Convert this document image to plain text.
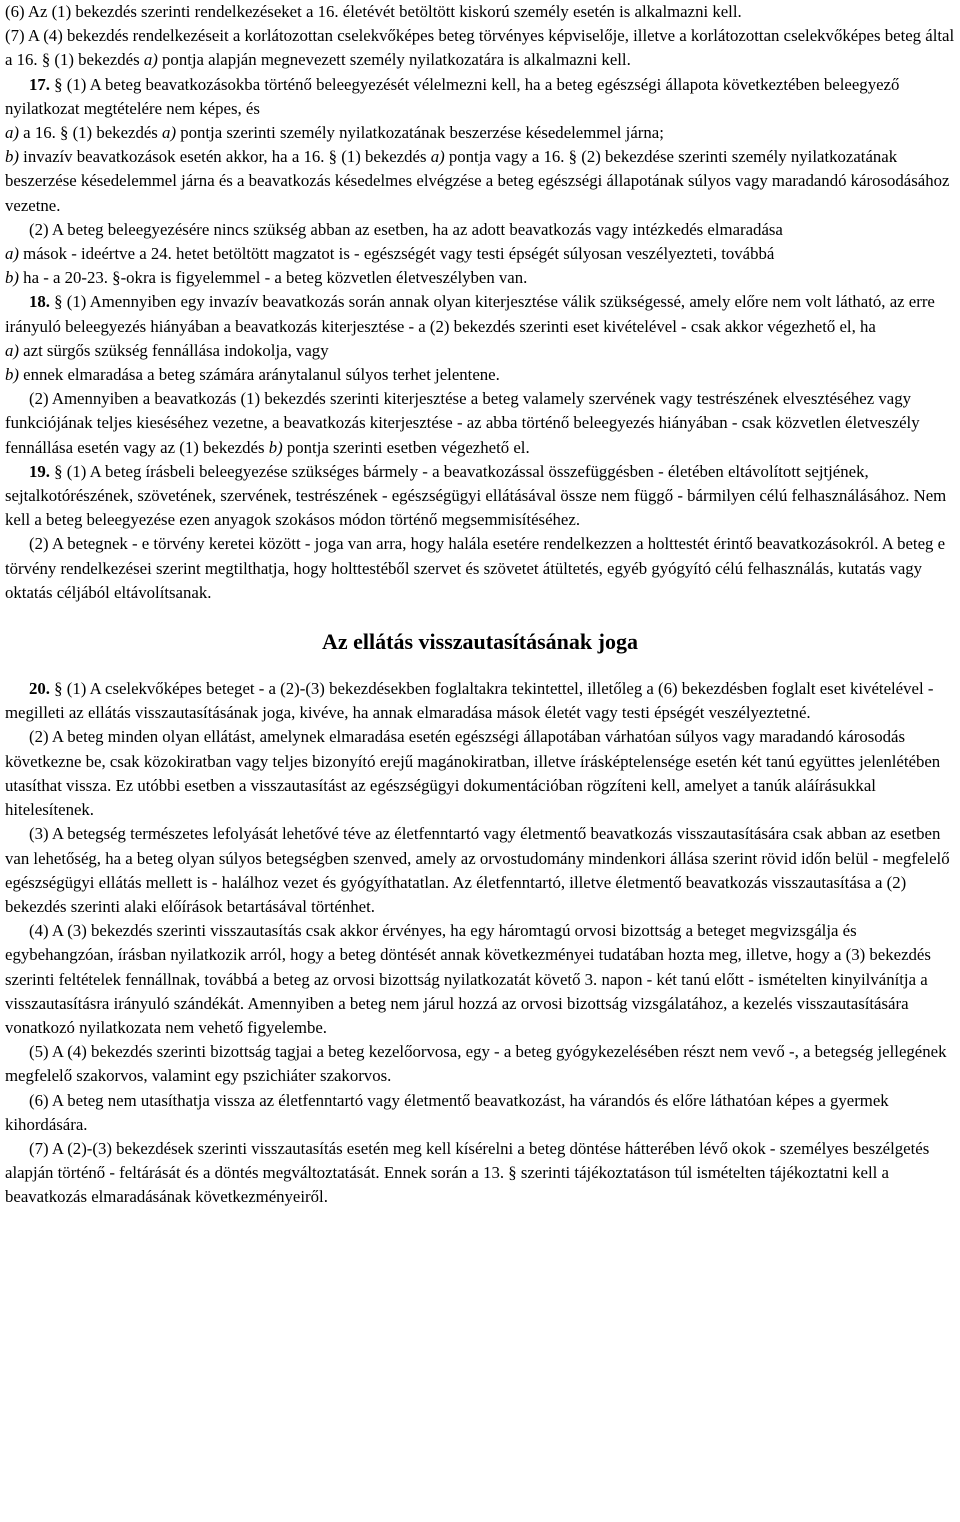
(6) Az (1) bekezdés szerinti rendelkezéseket a 16. életévét betöltött kiskorú személy esetén is alkalmazni kell.

(7) A (4) bekezdés rendelkezéseit a korlátozottan cselekvőképes beteg törvényes képviselője, illetve a korlátozottan cselekvőképes beteg által a 16. § (1) bekezdés a) pontja alapján megnevezett személy nyilatkozatára is alkalmazni kell.

17. § (1) A beteg beavatkozásokba történő beleegyezését vélelmezni kell, ha a beteg egészségi állapota következtében beleegyező nyilatkozat megtételére nem képes, és

a) a 16. § (1) bekezdés a) pontja szerinti személy nyilatkozatának beszerzése késedelemmel járna;

b) invazív beavatkozások esetén akkor, ha a 16. § (1) bekezdés a) pontja vagy a 16. § (2) bekezdése szerinti személy nyilatkozatának beszerzése késedelemmel járna és a beavatkozás késedelmes elvégzése a beteg egészségi állapotának súlyos vagy maradandó károsodásához vezetne.

(2) A beteg beleegyezésére nincs szükség abban az esetben, ha az adott beavatkozás vagy intézkedés elmaradása

a) mások - ideértve a 24. hetet betöltött magzatot is - egészségét vagy testi épségét súlyosan veszélyezteti, továbbá

b) ha - a 20-23. §-okra is figyelemmel - a beteg közvetlen életveszélyben van.

18. § (1) Amennyiben egy invazív beavatkozás során annak olyan kiterjesztése válik szükségessé, amely előre nem volt látható, az erre irányuló beleegyezés hiányában a beavatkozás kiterjesztése - a (2) bekezdés szerinti eset kivételével - csak akkor végezhető el, ha

a) azt sürgős szükség fennállása indokolja, vagy

b) ennek elmaradása a beteg számára aránytalanul súlyos terhet jelentene.

(2) Amennyiben a beavatkozás (1) bekezdés szerinti kiterjesztése a beteg valamely szervének vagy testrészének elvesztéséhez vagy funkciójának teljes kieséséhez vezetne, a beavatkozás kiterjesztése - az abba történő beleegyezés hiányában - csak közvetlen életveszély fennállása esetén vagy az (1) bekezdés b) pontja szerinti esetben végezhető el.

19. § (1) A beteg írásbeli beleegyezése szükséges bármely - a beavatkozással összefüggésben - életében eltávolított sejtjének, sejtalkotórészének, szövetének, szervének, testrészének - egészségügyi ellátásával össze nem függő - bármilyen célú felhasználásához. Nem kell a beteg beleegyezése ezen anyagok szokásos módon történő megsemmisítéséhez.

(2) A betegnek - e törvény keretei között - joga van arra, hogy halála esetére rendelkezzen a holttestét érintő beavatkozásokról. A beteg e törvény rendelkezései szerint megtilthatja, hogy holttestéből szervet és szövetet átültetés, egyéb gyógyító célú felhasználás, kutatás vagy oktatás céljából eltávolítsanak.

Az ellátás visszautasításának joga

20. § (1) A cselekvőképes beteget - a (2)-(3) bekezdésekben foglaltakra tekintettel, illetőleg a (6) bekezdésben foglalt eset kivételével - megilleti az ellátás visszautasításának joga, kivéve, ha annak elmaradása mások életét vagy testi épségét veszélyeztetné.

(2) A beteg minden olyan ellátást, amelynek elmaradása esetén egészségi állapotában várhatóan súlyos vagy maradandó károsodás következne be, csak közokiratban vagy teljes bizonyító erejű magánokiratban, illetve írásképtelensége esetén két tanú együttes jelenlétében utasíthat vissza. Ez utóbbi esetben a visszautasítást az egészségügyi dokumentációban rögzíteni kell, amelyet a tanúk aláírásukkal hitelesítenek.

(3) A betegség természetes lefolyását lehetővé téve az életfenntartó vagy életmentő beavatkozás visszautasítására csak abban az esetben van lehetőség, ha a beteg olyan súlyos betegségben szenved, amely az orvostudomány mindenkori állása szerint rövid időn belül - megfelelő egészségügyi ellátás mellett is - halálhoz vezet és gyógyíthatatlan. Az életfenntartó, illetve életmentő beavatkozás visszautasítása a (2) bekezdés szerinti alaki előírások betartásával történhet.

(4) A (3) bekezdés szerinti visszautasítás csak akkor érvényes, ha egy háromtagú orvosi bizottság a beteget megvizsgálja és egybehangzóan, írásban nyilatkozik arról, hogy a beteg döntését annak következményei tudatában hozta meg, illetve, hogy a (3) bekezdés szerinti feltételek fennállnak, továbbá a beteg az orvosi bizottság nyilatkozatát követő 3. napon - két tanú előtt - ismételten kinyilvánítja a visszautasításra irányuló szándékát. Amennyiben a beteg nem járul hozzá az orvosi bizottság vizsgálatához, a kezelés visszautasítására vonatkozó nyilatkozata nem vehető figyelembe.

(5) A (4) bekezdés szerinti bizottság tagjai a beteg kezelőorvosa, egy - a beteg gyógykezelésében részt nem vevő -, a betegség jellegének megfelelő szakorvos, valamint egy pszichiáter szakorvos.

(6) A beteg nem utasíthatja vissza az életfenntartó vagy életmentő beavatkozást, ha várandós és előre láthatóan képes a gyermek kihordására.

(7) A (2)-(3) bekezdések szerinti visszautasítás esetén meg kell kísérelni a beteg döntése hátterében lévő okok - személyes beszélgetés alapján történő - feltárását és a döntés megváltoztatását. Ennek során a 13. § szerinti tájékoztatáson túl ismételten tájékoztatni kell a beavatkozás elmaradásának következményeiről.
